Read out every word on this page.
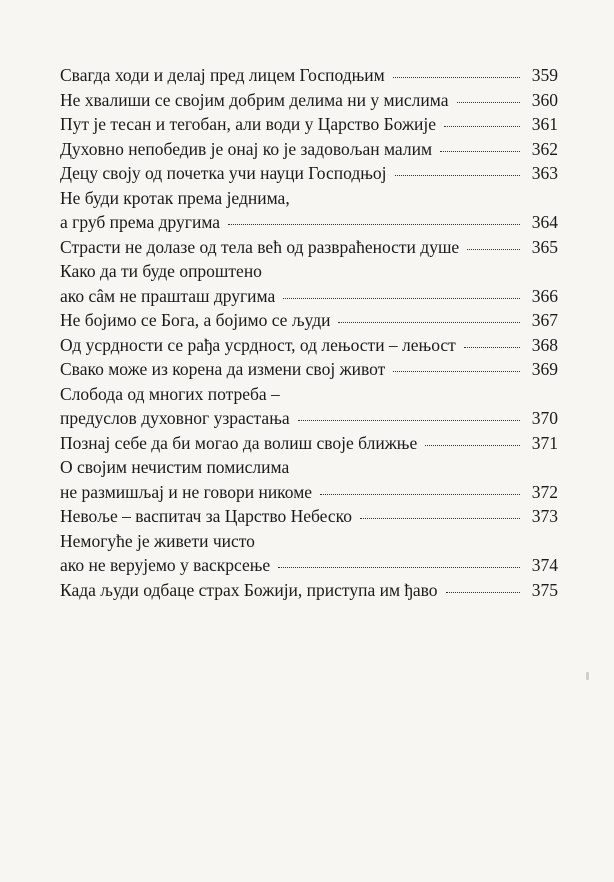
Свагда ходи и делај пред лицем Господњим	359
Не хвалиши се својим добрим делима ни у мислима	360
Пут је тесан и тегобан, али води у Царство Божије	361
Духовно непобедив је онај ко је задовољан малим	362
Децу своју од почетка учи науци Господњој	363
Не буди кротак према једнима,
а груб према другима	364
Страсти не долазе од тела већ од развраћености душе	365
Како да ти буде опроштено
ако сâм не прашташ другима	366
Не бојимо се Бога, а бојимо се људи	367
Од усрдности се рађа усрдност, од лењости – лењост	368
Свако може из корена да измени свој живот	369
Слобода од многих потреба –
предуслов духовног узрастања	370
Познај себе да би могао да волиш своје ближње	371
О својим нечистим помислима
не размишљај и не говори никоме	372
Невоље – васпитач за Царство Небеско	373
Немогуће је живети чисто
ако не верујемо у васкрсење	374
Када људи одбаце страх Божији, приступа им ђаво	375
